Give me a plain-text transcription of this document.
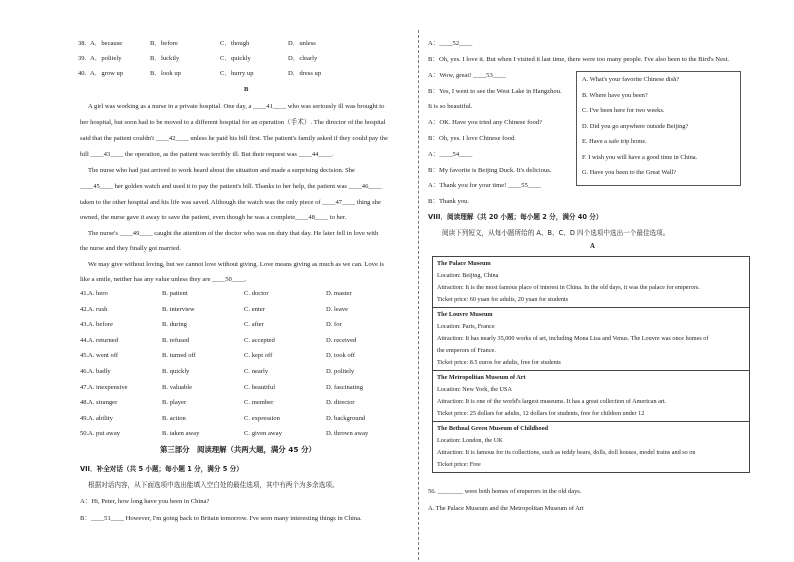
38. A．because	B．before	C．though	D．unless
39. A．politely	B．luckily	C．quickly	D．clearly
40. A．grow up	B．look up	C．hurry up	D．dress up
B
A girl was working as a nurse in a private hospital. One day, a ____41____ who was seriously ill was brought to
her hospital, but soon had to be moved to a different hospital for an operation（手术）. The director of the hospital
said that the patient couldn't ____42____ unless he paid his bill first. The patient's family asked if they could pay the
bill ____43____ the operation, as the patient was terribly ill. But their request was ____44____.
The nurse who had just arrived to work heard about the situation and made a surprising decision. She
____45____ her golden watch and used it to pay the patient's bill. Thanks to her help, the patient was ____46____
taken to the other hospital and his life was saved. Although the watch was the only piece of ____47____ thing she
owned, the nurse gave it away to save the patient, even though he was a complete____48____ to her.
The nurse's ____49____ caught the attention of the doctor who was on duty that day. He later fell in love with
the nurse and they finally got married.
We may give without loving, but we cannot love without giving. Love means giving as much as we can. Love is
like a smile, neither has any value unless they are ____50____.
41. A. hero	B. patient	C. doctor	D. master
42. A. rush	B. interview	C. enter	D. leave
43. A. before	B. during	C. after	D. for
44. A. returned	B. refused	C. accepted	D. received
45. A. went off	B. turned off	C. kept off	D. took off
46. A. badly	B. quickly	C. nearly	D. politely
47. A. inexpensive	B. valuable	C. beautiful	D. fascinating
48. A. stranger	B. player	C. member	D. director
49. A. ability	B. action	C. expression	D. background
50. A. put away	B. taken away	C. given away	D. thrown away
第三部分　阅读理解（共两大题，满分 45 分）
VII．补全对话（共 5 小题；每小题 1 分，满分 5 分）
根据对话内容，从下面选项中选出能填入空白处的最佳选项，其中有两个为多余选项。
A：Hi, Peter, how long have you been in China?
B：____51____ However, I'm going back to Britain tomorrow. I've seen many interesting things in China.
A：____52____
B：Oh, yes. I love it. But when I visited it last time, there were too many people. I've also been to the Bird's Nest.
A：Wow, great! ____53____
B：Yes, I went to see the West Lake in Hangzhou.
It is so beautiful.
A：OK. Have you tried any Chinese food?
B：Oh, yes. I love Chinese food.
A：____54____
B：My favorite is Beijing Duck. It's delicious.
A：Thank you for your time! ____55____
B：Thank you.
A. What's your favorite Chinese dish?
B. Where have you been?
C. I've been here for two weeks.
D. Did you go anywhere outside Beijing?
E. Have a safe trip home.
F. I wish you will have a good time in China.
G. Have you been to the Great Wall?
VIII．阅读理解（共 20 小题；每小题 2 分，满分 40 分）
阅读下列短文，从每小题所给的 A、B、C、D 四个选项中选出一个最佳选项。
A
The Palace Museum
Location: Beijing, China
Attraction: It is the most famous place of interest in China. In the old days, it was the palace for emperors.
Ticket price: 60 yuan for adults, 20 yuan for students

The Louvre Museum
Location: Paris, France
Attraction: It has nearly 35,000 works of art, including Mona Lisa and Venus. The Louvre was once homes of
the emperors of France.
Ticket price: 8.5 euros for adults, free for students

The Metropolitan Museum of Art
Location: New York, the USA
Attraction: It is one of the world's largest museums. It has a great collection of American art.
Ticket price: 25 dollars for adults, 12 dollars for students, free for children under 12

The Bethnal Green Museum of Childhood
Location: London, the UK
Attraction: It is famous for its collections, such as teddy bears, dolls, doll houses, model trains and so on
Ticket price: Free
56. ________ were both homes of emperors in the old days.
A. The Palace Museum and the Metropolitan Museum of Art
